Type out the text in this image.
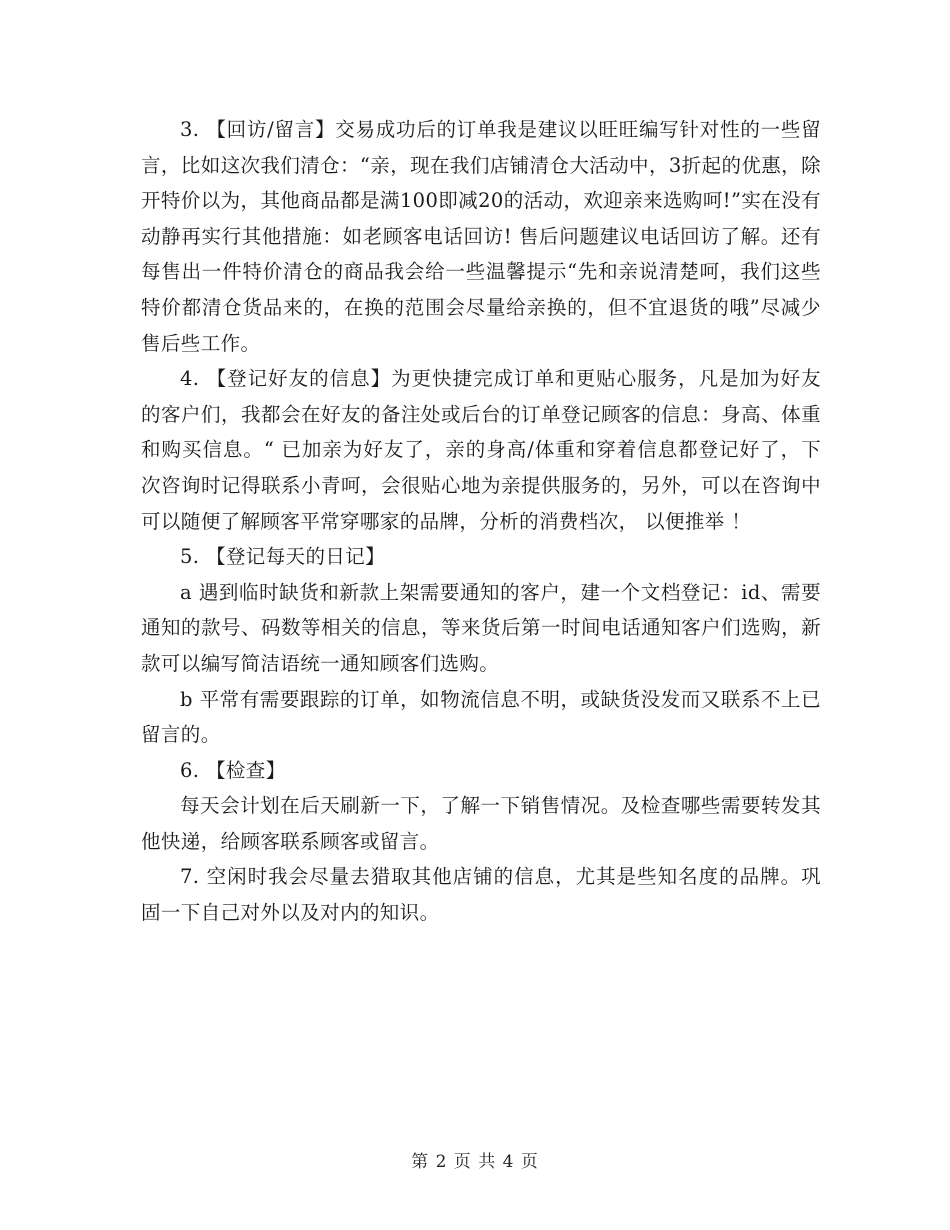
3. 【回访/留言】交易成功后的订单我是建议以旺旺编写针对性的一些留言，比如这次我们清仓：“亲，现在我们店铺清仓大活动中，3折起的优惠，除开特价以为，其他商品都是满100即减20的活动，欢迎亲来选购呵!”实在没有动静再实行其他措施：如老顾客电话回访! 售后问题建议电话回访了解。还有每售出一件特价清仓的商品我会给一些温馨提示“先和亲说清楚呵，我们这些特价都清仓货品来的，在换的范围会尽量给亲换的，但不宜退货的哦”尽减少售后些工作。

4. 【登记好友的信息】为更快捷完成订单和更贴心服务，凡是加为好友的客户们，我都会在好友的备注处或后台的订单登记顾客的信息：身高、体重和购买信息。“ 已加亲为好友了，亲的身高/体重和穿着信息都登记好了，下次咨询时记得联系小青呵，会很贴心地为亲提供服务的，另外，可以在咨询中可以随便了解顾客平常穿哪家的品牌，分析的消费档次， 以便推举 ！

5. 【登记每天的日记】

a 遇到临时缺货和新款上架需要通知的客户，建一个文档登记：id、需要通知的款号、码数等相关的信息，等来货后第一时间电话通知客户们选购，新款可以编写简洁语统一通知顾客们选购。

b 平常有需要跟踪的订单，如物流信息不明，或缺货没发而又联系不上已留言的。

6. 【检查】

每天会计划在后天刷新一下，了解一下销售情况。及检查哪些需要转发其他快递，给顾客联系顾客或留言。

7. 空闲时我会尽量去猎取其他店铺的信息，尤其是些知名度的品牌。巩固一下自己对外以及对内的知识。

第 2 页 共 4 页
